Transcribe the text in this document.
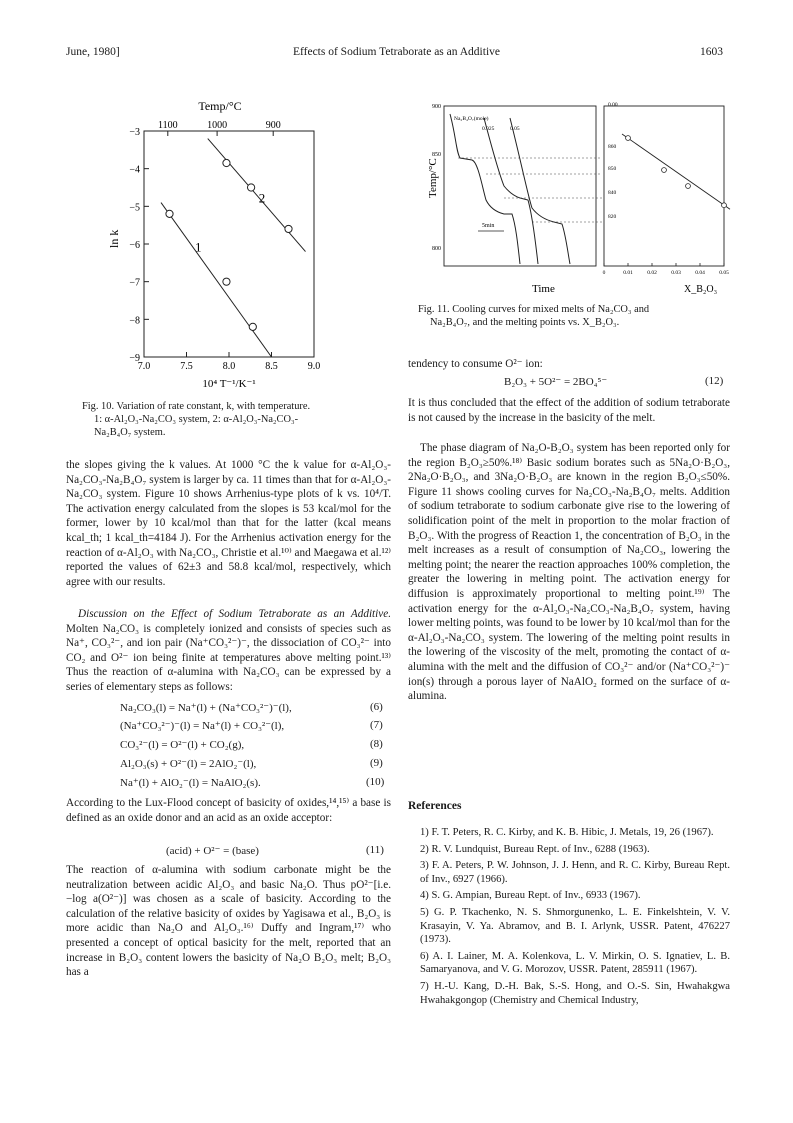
June, 1980]	Effects of Sodium Tetraborate as an Additive	1603
Temp/°C
7.0	7.5	8.0	8.5	9.0
−3
−4
−5
−6
−7
−8
−9
1100	1000	900
1
2
ln k
10⁴ T⁻¹/K⁻¹
Fig. 10. Variation of rate constant, k, with temperature.
1: α-Al₂O₃-Na₂CO₃ system, 2: α-Al₂O₃-Na₂CO₃-
Na₂B₄O₇ system.
900
850
800
Temp/°C
Na₂B₄O₇(mole)
0.025	0.05
5min
Time
0	0.01	0.02	0.03	0.04	0.05
0.00
860
850
840
820
X_B₂O₃
Fig. 11. Cooling curves for mixed melts of Na₂CO₃ and
Na₂B₄O₇, and the melting points vs. X_B₂O₃.

the slopes giving the k values. At 1000 °C the k value for α-Al₂O₃-Na₂CO₃-Na₂B₄O₇ system is larger by ca. 11 times than that for α-Al₂O₃-Na₂CO₃ system. Figure 10 shows Arrhenius-type plots of k vs. 10⁴/T. The activation energy calculated from the slopes is 53 kcal/mol for the former, lower by 10 kcal/mol than that for the latter (kcal means kcal_th; 1 kcal_th=4184 J). For the Arrhenius activation energy for the reaction of α-Al₂O₃ with Na₂CO₃, Christie et al.¹⁰⁾ and Maegawa et al.¹²⁾ reported the values of 62±3 and 58.8 kcal/mol, respectively, which agree with our results.

Discussion on the Effect of Sodium Tetraborate as an Additive. Molten Na₂CO₃ is completely ionized and consists of species such as Na⁺, CO₃²⁻, and ion pair (Na⁺CO₃²⁻)⁻, the dissociation of CO₃²⁻ into CO₂ and O²⁻ ion being finite at temperatures above melting point.¹³⁾ Thus the reaction of α-alumina with Na₂CO₃ can be expressed by a series of elementary steps as follows:

Na₂CO₃(l) = Na⁺(l) + (Na⁺CO₃²⁻)⁻(l),	(6)
(Na⁺CO₃²⁻)⁻(l) = Na⁺(l) + CO₃²⁻(l),	(7)
CO₃²⁻(l) = O²⁻(l) + CO₂(g),	(8)
Al₂O₃(s) + O²⁻(l) = 2AlO₂⁻(l),	(9)
Na⁺(l) + AlO₂⁻(l) = NaAlO₂(s).	(10)

According to the Lux-Flood concept of basicity of oxides,¹⁴,¹⁵⁾ a base is defined as an oxide donor and an acid as an oxide acceptor:

(acid) + O²⁻ = (base)	(11)

The reaction of α-alumina with sodium carbonate might be the neutralization between acidic Al₂O₃ and basic Na₂O. Thus pO²⁻[i.e. −log a(O²⁻)] was chosen as a scale of basicity. According to the calculation of the relative basicity of oxides by Yagisawa et al., B₂O₃ is more acidic than Na₂O and Al₂O₃.¹⁶⁾ Duffy and Ingram,¹⁷⁾ who presented a concept of optical basicity for the melt, reported that an increase in B₂O₃ content lowers the basicity of Na₂O B₂O₃ melt; B₂O₃ has a

tendency to consume O²⁻ ion:

B₂O₃ + 5O²⁻ = 2BO₄⁵⁻	(12)

It is thus concluded that the effect of the addition of sodium tetraborate is not caused by the increase in the basicity of the melt.

The phase diagram of Na₂O-B₂O₃ system has been reported only for the region B₂O₃≥50%.¹⁸⁾ Basic sodium borates such as 5Na₂O·B₂O₃, 2Na₂O·B₂O₃, and 3Na₂O·B₂O₃ are known in the region B₂O₃≤50%. Figure 11 shows cooling curves for Na₂CO₃-Na₂B₄O₇ melts. Addition of sodium tetraborate to sodium carbonate give rise to the lowering of solidification point of the melt in proportion to the molar fraction of B₂O₃. With the progress of Reaction 1, the concentration of B₂O₃ in the melt increases as a result of consumption of Na₂CO₃, lowering the melting point; the nearer the reaction approaches 100% completion, the greater the lowering in melting point. The activation energy for diffusion is approximately proportional to melting point.¹⁹⁾ The activation energy for the α-Al₂O₃-Na₂CO₃-Na₂B₄O₇ system, having lower melting points, was found to be lower by 10 kcal/mol than for the α-Al₂O₃-Na₂CO₃ system. The lowering of the melting point results in the lowering of the viscosity of the melt, promoting the contact of α-alumina with the melt and the diffusion of CO₃²⁻ and/or (Na⁺CO₃²⁻)⁻ ion(s) through a porous layer of NaAlO₂ formed on the surface of α-alumina.

References
1) F. T. Peters, R. C. Kirby, and K. B. Hibic, J. Metals, 19, 26 (1967).
2) R. V. Lundquist, Bureau Rept. of Inv., 6288 (1963).
3) F. A. Peters, P. W. Johnson, J. J. Henn, and R. C. Kirby, Bureau Rept. of Inv., 6927 (1966).
4) S. G. Ampian, Bureau Rept. of Inv., 6933 (1967).
5) G. P. Tkachenko, N. S. Shmorgunenko, L. E. Finkelshtein, V. V. Krasayin, V. Ya. Abramov, and B. I. Arlynk, USSR. Patent, 476227 (1973).
6) A. I. Lainer, M. A. Kolenkova, L. V. Mirkin, O. S. Ignatiev, L. B. Samaryanova, and V. G. Morozov, USSR. Patent, 285911 (1967).
7) H.-U. Kang, D.-H. Bak, S.-S. Hong, and O.-S. Sin, Hwahakgwa Hwahakgongop (Chemistry and Chemical Industry,
